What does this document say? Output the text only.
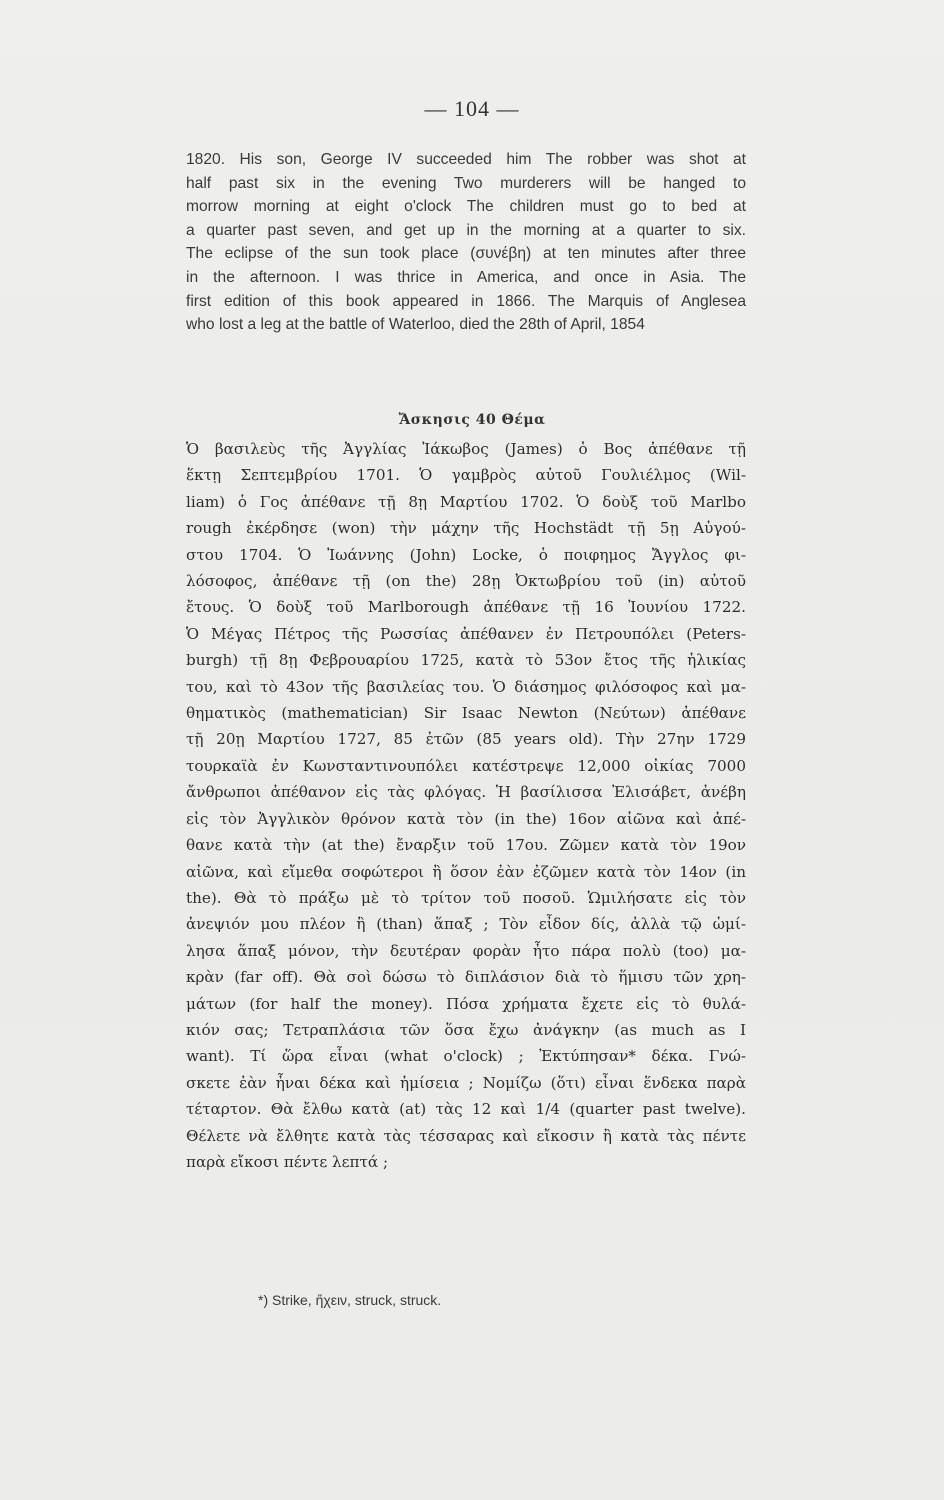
— 104 —
1820. His son, George IV succeeded him The robber was shot at
half past six in the evening Two murderers will be hanged to
morrow morning at eight o'clock The children must go to bed at
a quarter past seven, and get up in the morning at a quarter to six.
The eclipse of the sun took place (συνέβη) at ten minutes after three
in the afternoon. I was thrice in America, and once in Asia. The
first edition of this book appeared in 1866. The Marquis of Anglesea
who lost a leg at the battle of Waterloo, died the 28th of April, 1854
Ἄσκησις 40 Θέμα
Ὁ βασιλεὺς τῆς Ἀγγλίας Ἰάκωβος (James) ὁ Βος ἀπέθανε τῇ
ἕκτῃ Σεπτεμβρίου 1701. Ὁ γαμβρὸς αὐτοῦ Γουλιέλμος (Wil-
liam) ὁ Γος ἀπέθανε τῇ 8ῃ Μαρτίου 1702. Ὁ δοὺξ τοῦ Marlbo
rough ἐκέρδησε (won) τὴν μάχην τῆς Hochstädt τῇ 5ῃ Αὐγού-
στου 1704. Ὁ Ἰωάννης (John) Locke, ὁ ποιφημος Ἄγγλος φι-
λόσοφος, ἀπέθανε τῇ (on the) 28ῃ Ὀκτωβρίου τοῦ (in) αὐτοῦ
ἔτους. Ὁ δοὺξ τοῦ Marlborough ἀπέθανε τῇ 16 Ἰουνίου 1722.
Ὁ Μέγας Πέτρος τῆς Ρωσσίας ἀπέθανεν ἐν Πετρουπόλει (Peters-
burgh) τῇ 8ῃ Φεβρουαρίου 1725, κατὰ τὸ 53ον ἔτος τῆς ἡλικίας
του, καὶ τὸ 43ον τῆς βασιλείας του. Ὁ διάσημος φιλόσοφος καὶ μα-
θηματικὸς (mathematician) Sir Isaac Newton (Νεύτων) ἀπέθανε
τῇ 20ῃ Μαρτίου 1727, 85 ἐτῶν (85 years old). Τὴν 27ην 1729
τουρκαϊὰ ἐν Κωνσταντινουπόλει κατέστρεψε 12,000 οἰκίας 7000
ἄνθρωποι ἀπέθανον εἰς τὰς φλόγας. Ἡ βασίλισσα Ἐλισάβετ, ἀνέβη
εἰς τὸν Ἀγγλικὸν θρόνον κατὰ τὸν (in the) 16ον αἰῶνα καὶ ἀπέ-
θανε κατὰ τὴν (at the) ἔναρξιν τοῦ 17ου. Ζῶμεν κατὰ τὸν 19ον
αἰῶνα, καὶ εἴμεθα σοφώτεροι ἢ ὅσον ἐὰν ἐζῶμεν κατὰ τὸν 14ον (in
the). Θὰ τὸ πράξω μὲ τὸ τρίτον τοῦ ποσοῦ. Ὡμιλήσατε εἰς τὸν
ἀνεψιόν μου πλέον ἢ (than) ἅπαξ ; Τὸν εἶδον δίς, ἀλλὰ τῷ ὡμί-
λησα ἅπαξ μόνον, τὴν δευτέραν φορὰν ἦτο πάρα πολὺ (too) μα-
κρὰν (far off). Θὰ σοὶ δώσω τὸ διπλάσιον διὰ τὸ ἥμισυ τῶν χρη-
μάτων (for half the money). Πόσα χρήματα ἔχετε εἰς τὸ θυλά-
κιόν σας; Τετραπλάσια τῶν ὅσα ἔχω ἀνάγκην (as much as I
want). Τί ὥρα εἶναι (what o'clock) ; Ἐκτύπησαν* δέκα. Γνώ-
σκετε ἐὰν ἦναι δέκα καὶ ἡμίσεια ; Νομίζω (ὅτι) εἶναι ἕνδεκα παρὰ
τέταρτον. Θὰ ἔλθω κατὰ (at) τὰς 12 καὶ 1/4 (quarter past twelve).
Θέλετε νὰ ἔλθητε κατὰ τὰς τέσσαρας καὶ εἴκοσιν ἢ κατὰ τὰς πέντε
παρὰ εἴκοσι πέντε λεπτά ;
*) Strike, ἤχειν, struck, struck.
